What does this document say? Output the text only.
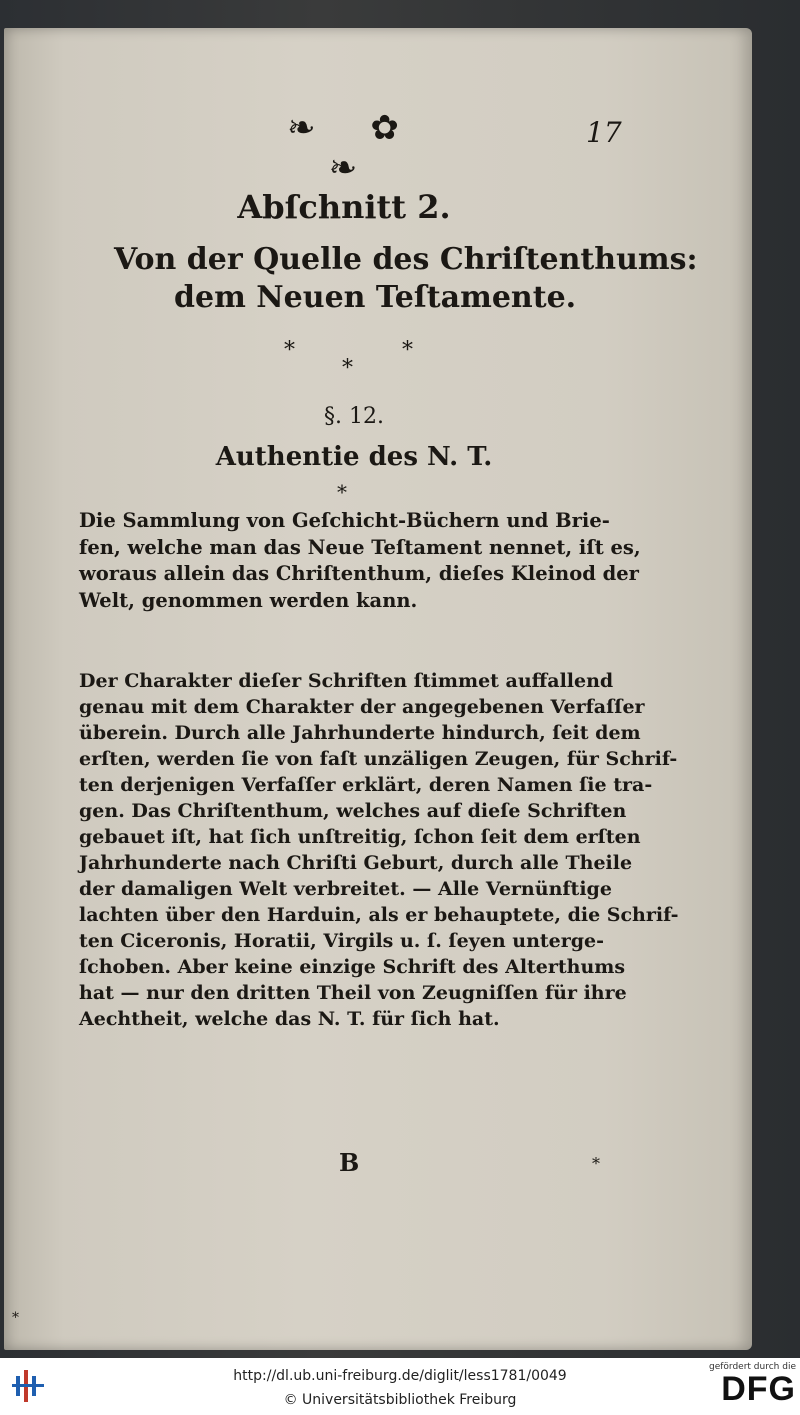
❧ ✿ ❧
17
Abſchnitt 2.
Von der Quelle des Chriſtenthums:
dem Neuen Teſtamente.
*
*
*
§. 12.
Authentie des N. T.
*
Die Sammlung von Geſchicht-Büchern und Brie-
fen, welche man das Neue Teſtament nennet, iſt es,
woraus allein das Chriſtenthum, dieſes Kleinod der
Welt, genommen werden kann.
Der Charakter dieſer Schriften ſtimmet auffallend
genau mit dem Charakter der angegebenen Verfaſſer
überein. Durch alle Jahrhunderte hindurch, ſeit dem
erſten, werden ſie von faſt unzäligen Zeugen, für Schrif-
ten derjenigen Verfaſſer erklärt, deren Namen ſie tra-
gen. Das Chriſtenthum, welches auf dieſe Schriften
gebauet iſt, hat ſich unſtreitig, ſchon ſeit dem erſten
Jahrhunderte nach Chriſti Geburt, durch alle Theile
der damaligen Welt verbreitet. — Alle Vernünftige
lachten über den Harduin, als er behauptete, die Schrif-
ten Ciceronis, Horatii, Virgils u. ſ. ſeyen unterge-
ſchoben. Aber keine einzige Schrift des Alterthums
hat — nur den dritten Theil von Zeugniſſen für ihre
Aechtheit, welche das N. T. für ſich hat.
B	*
*
http://dl.ub.uni-freiburg.de/diglit/less1781/0049
© Universitätsbibliothek Freiburg
gefördert durch die
DFG
